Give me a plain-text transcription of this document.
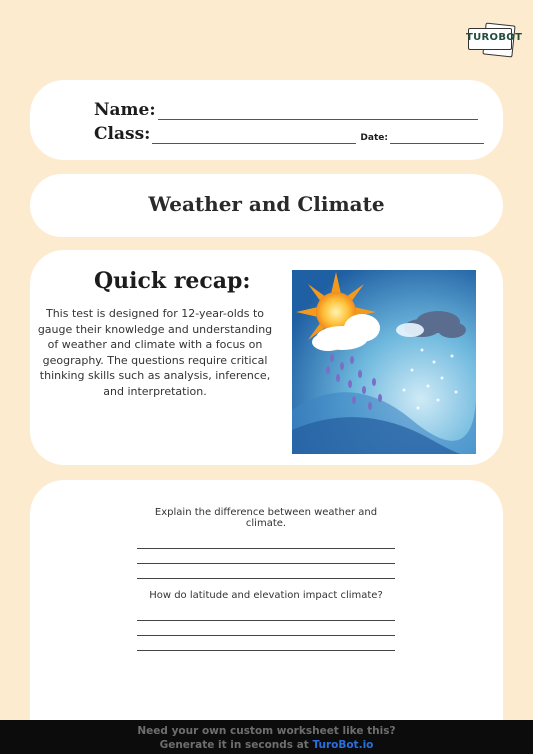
TUROBOT
Name:
Class:	Date:
Weather and Climate
Quick recap:
This test is designed for 12-year-olds to gauge their knowledge and understanding of weather and climate with a focus on geography. The questions require critical thinking skills such as analysis, inference, and interpretation.
Explain the difference between weather and climate.
How do latitude and elevation impact climate?
Need your own custom worksheet like this?
Generate it in seconds at TuroBot.io
